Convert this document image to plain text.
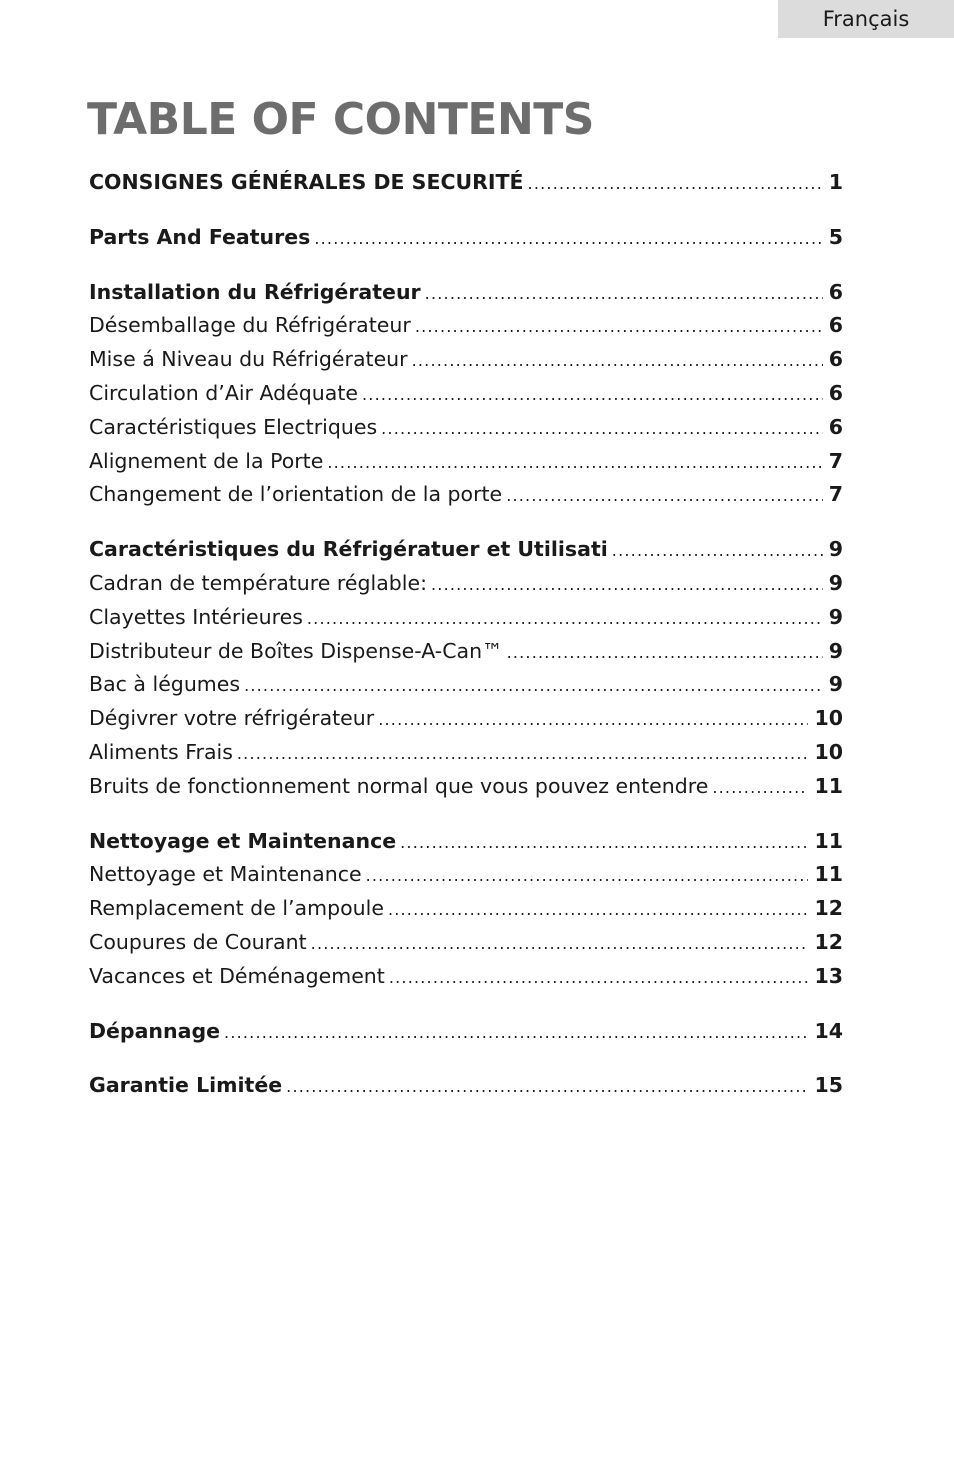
Français
TABLE OF CONTENTS
CONSIGNES GÉNÉRALES DE SECURITÉ .....	1
Parts And Features .....	5
Installation du Réfrigérateur .....	6
Désemballage du Réfrigérateur .....	6
Mise á Niveau du Réfrigérateur .....	6
Circulation d’Air Adéquate .....	6
Caractéristiques Electriques .....	6
Alignement de la Porte .....	7
Changement de l’orientation de la porte .....	7
Caractéristiques du Réfrigératuer et Utilisati .....	9
Cadran de température réglable: .....	9
Clayettes Intérieures .....	9
Distributeur de Boîtes Dispense-A-Can™ .....	9
Bac à légumes .....	9
Dégivrer votre réfrigérateur .....	10
Aliments Frais .....	10
Bruits de fonctionnement normal que vous pouvez entendre .....	11
Nettoyage et Maintenance .....	11
Nettoyage et Maintenance .....	11
Remplacement de l’ampoule .....	12
Coupures de Courant .....	12
Vacances et Déménagement .....	13
Dépannage .....	14
Garantie Limitée .....	15
